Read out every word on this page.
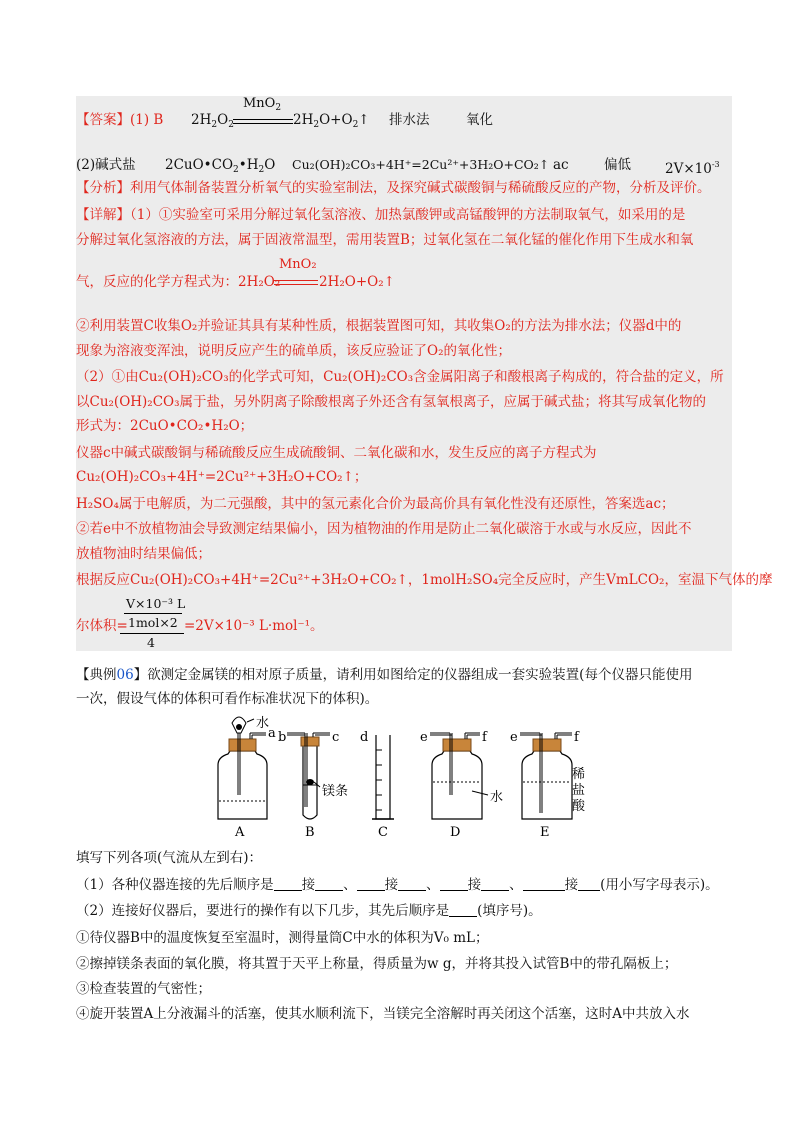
【答案】(1) B $2H_2O_2$
MnO$_2$
$2H_2O+O_2↑$ 排水法	氧化
(2)碱式盐 $2CuO•CO_2•H_2O$ Cu₂(OH)₂CO₃+4H⁺=2Cu²⁺+3H₂O+CO₂↑ ac	偏低	$2V\times 10^{-3}$
【分析】利用气体制备装置分析氧气的实验室制法，及探究碱式碳酸铜与稀硫酸反应的产物，分析及评价。
【详解】（1）①实验室可采用分解过氧化氢溶液、加热氯酸钾或高锰酸钾的方法制取氧气，如采用的是
分解过氧化氢溶液的方法，属于固液常温型，需用装置B；过氧化氢在二氧化锰的催化作用下生成水和氧
气，反应的化学方程式为：2H₂O₂
MnO₂
2H₂O+O₂↑
②利用装置C收集O₂并验证其具有某种性质，根据装置图可知，其收集O₂的方法为排水法；仪器d中的
现象为溶液变浑浊，说明反应产生的硫单质，该反应验证了O₂的氧化性；
（2）①由Cu₂(OH)₂CO₃的化学式可知，Cu₂(OH)₂CO₃含金属阳离子和酸根离子构成的，符合盐的定义，所
以Cu₂(OH)₂CO₃属于盐，另外阴离子除酸根离子外还含有氢氧根离子，应属于碱式盐；将其写成氧化物的
形式为：2CuO•CO₂•H₂O；
仪器c中碱式碳酸铜与稀硫酸反应生成硫酸铜、二氧化碳和水，发生反应的离子方程式为
Cu₂(OH)₂CO₃+4H⁺=2Cu²⁺+3H₂O+CO₂↑；
H₂SO₄属于电解质，为二元强酸，其中的氢元素化合价为最高价具有氧化性没有还原性，答案选ac；
②若e中不放植物油会导致测定结果偏小，因为植物油的作用是防止二氧化碳溶于水或与水反应，因此不
放植物油时结果偏低；
根据反应Cu₂(OH)₂CO₃+4H⁺=2Cu²⁺+3H₂O+CO₂↑，1molH₂SO₄完全反应时，产生VmLCO₂，室温下气体的摩
尔体积=
V×10⁻³ L
1mol×2
4
=2V×10⁻³ L·mol⁻¹。
【典例06】欲测定金属镁的相对原子质量，请利用如图给定的仪器组成一套实验装置(每个仪器只能使用
一次，假设气体的体积可看作标准状况下的体积)。
水
a
A
b	c
镁条
B
d
C
e	f
水
D
e	f
稀
盐
酸
E
填写下列各项(气流从左到右)：
（1）各种仪器连接的先后顺序是 接 、 接 、 接 、	接 (用小写字母表示)。
（2）连接好仪器后，要进行的操作有以下几步，其先后顺序是 (填序号)。
①待仪器B中的温度恢复至室温时，测得量筒C中水的体积为V₀ mL；
②擦掉镁条表面的氧化膜，将其置于天平上称量，得质量为w g，并将其投入试管B中的带孔隔板上；
③检查装置的气密性；
④旋开装置A上分液漏斗的活塞，使其水顺利流下，当镁完全溶解时再关闭这个活塞，这时A中共放入水
